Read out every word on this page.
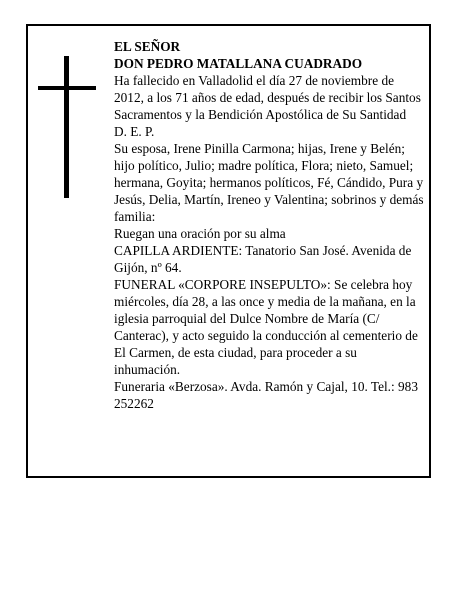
EL SEÑOR

DON PEDRO MATALLANA CUADRADO

Ha fallecido en Valladolid el día 27 de noviembre de 2012, a los 71 años de edad, después de recibir los Santos Sacramentos y la Bendición Apostólica de Su Santidad

D. E. P.

Su esposa, Irene Pinilla Carmona; hijas, Irene y Belén; hijo político, Julio; madre política, Flora; nieto, Samuel; hermana, Goyita; hermanos políticos, Fé, Cándido, Pura y Jesús, Delia, Martín, Ireneo y Valentina; sobrinos y demás familia:

Ruegan una oración por su alma

CAPILLA ARDIENTE: Tanatorio San José. Avenida de Gijón, nº 64.

FUNERAL «CORPORE INSEPULTO»: Se celebra hoy miércoles, día 28, a las once y media de la mañana, en la iglesia parroquial del Dulce Nombre de María (C/ Canterac), y acto seguido la conducción al cementerio de El Carmen, de esta ciudad, para proceder a su inhumación.

Funeraria «Berzosa». Avda. Ramón y Cajal, 10. Tel.: 983 252262
